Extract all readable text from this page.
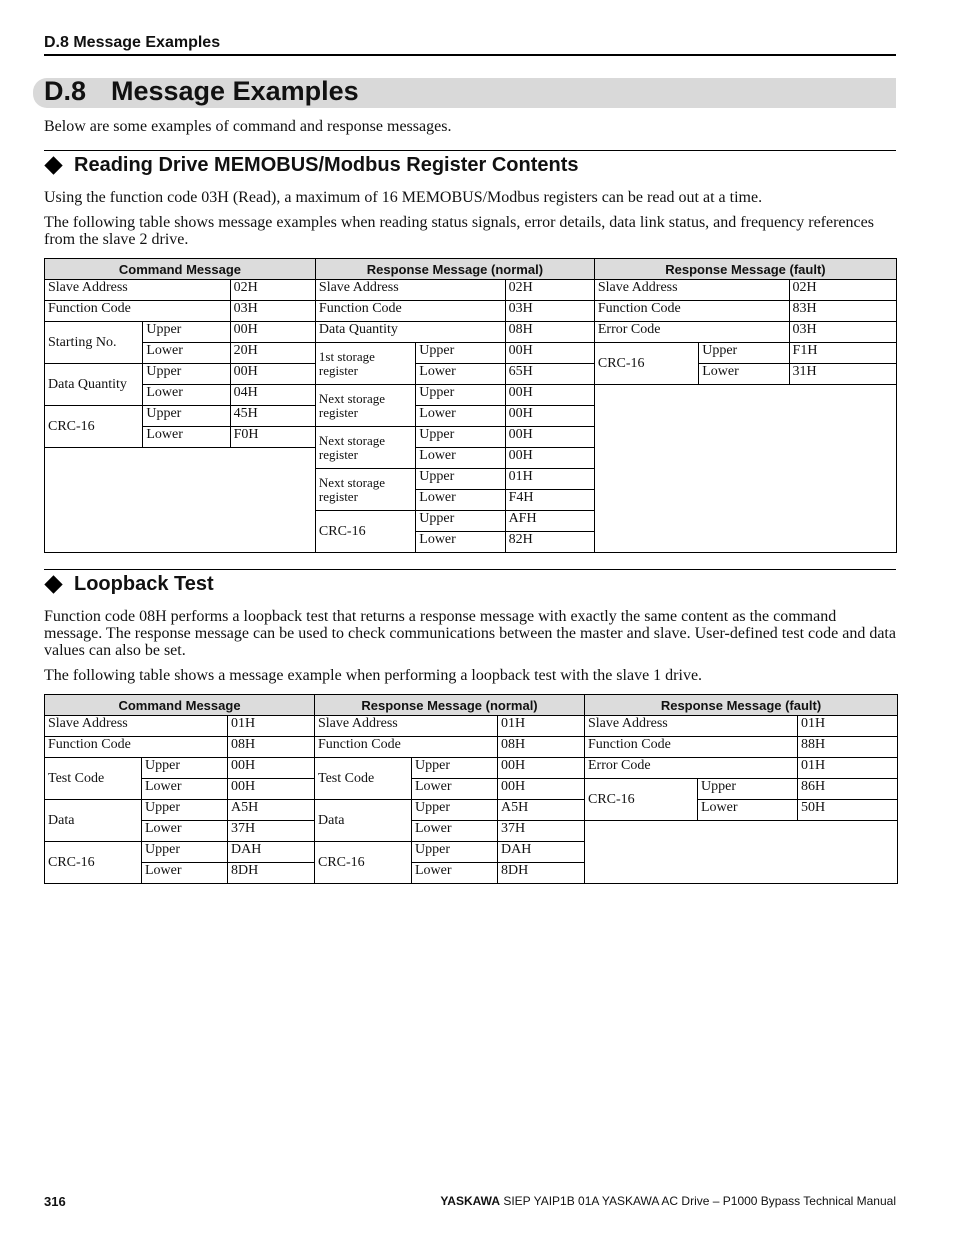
D.8 Message Examples
D.8 Message Examples

Below are some examples of command and response messages.

Reading Drive MEMOBUS/Modbus Register Contents

Using the function code 03H (Read), a maximum of 16 MEMOBUS/Modbus registers can be read out at a time.

The following table shows message examples when reading status signals, error details, data link status, and frequency references from the slave 2 drive.

Command Message			Response Message (normal)			Response Message (fault)		
Slave Address		02H	Slave Address		02H	Slave Address		02H
Function Code		03H	Function Code		03H	Function Code		83H
Starting No.	Upper	00H	Data Quantity		08H	Error Code		03H
	Lower	20H	1st storage register	Upper	00H	CRC-16	Upper	F1H
Data Quantity	Upper	00H		Lower	65H		Lower	31H
	Lower	04H	Next storage register	Upper	00H			
CRC-16	Upper	45H		Lower	00H			
	Lower	F0H	Next storage register	Upper	00H			
				Lower	00H			
			Next storage register	Upper	01H			
				Lower	F4H			
			CRC-16	Upper	AFH			
				Lower	82H			
Loopback Test

Function code 08H performs a loopback test that returns a response message with exactly the same content as the command message. The response message can be used to check communications between the master and slave. User-defined test code and data values can also be set.

The following table shows a message example when performing a loopback test with the slave 1 drive.

Command Message			Response Message (normal)			Response Message (fault)		
Slave Address		01H	Slave Address		01H	Slave Address		01H
Function Code		08H	Function Code		08H	Function Code		88H
Test Code	Upper	00H	Test Code	Upper	00H	Error Code		01H
	Lower	00H		Lower	00H	CRC-16	Upper	86H
Data	Upper	A5H	Data	Upper	A5H		Lower	50H
	Lower	37H		Lower	37H			
CRC-16	Upper	DAH	CRC-16	Upper	DAH			
	Lower	8DH		Lower	8DH			
316	YASKAWA SIEP YAIP1B 01A YASKAWA AC Drive – P1000 Bypass Technical Manual
